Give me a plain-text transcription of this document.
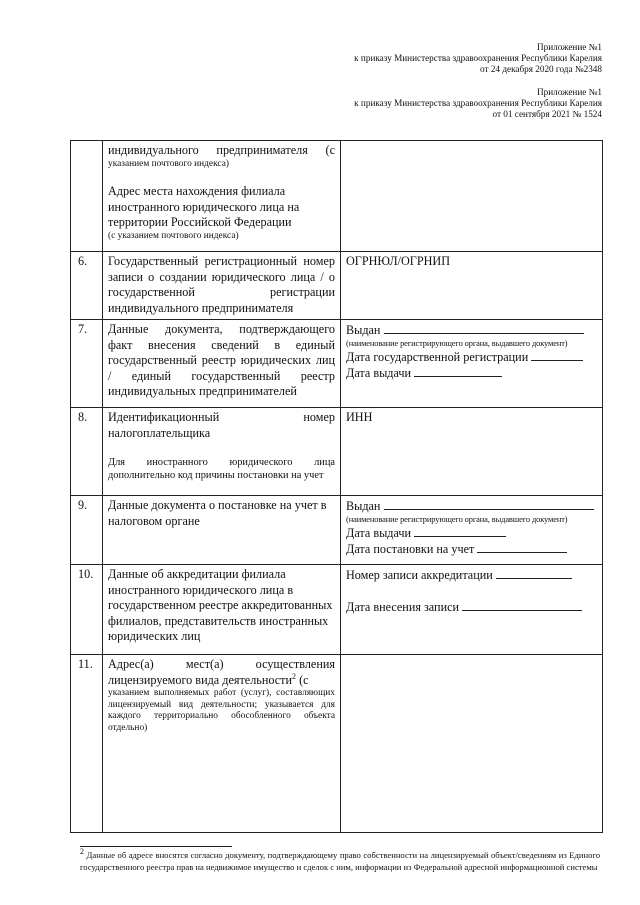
Приложение №1
к приказу Министерства здравоохранения Республики Карелия
от 24 декабря 2020 года №2348
Приложение №1
к приказу Министерства здравоохранения Республики Карелия
от 01 сентября 2021 № 1524

	индивидуального предпринимателя (с
указанием почтового индекса)
Адрес места нахождения филиала иностранного юридического лица на территории Российской Федерации
(с указанием почтового индекса)	

6.	Государственный регистрационный номер записи о создании юридического лица / о государственной регистрации индивидуального предпринимателя	ОГРНЮЛ/ОГРНИП
7.	Данные документа, подтверждающего факт внесения сведений в единый государственный реестр юридических лиц / единый государственный реестр индивидуальных предпринимателей	Выдан
(наименование регистрирующего органа, выдавшего документ)
Дата государственной регистрации
Дата выдачи

8.	Идентификационный номер налогоплательщика
Для иностранного юридического лица дополнительно код причины постановки на учет	ИНН
9.	Данные документа о постановке на учет в налоговом органе	Выдан
(наименование регистрирующего органа, выдавшего документ)
Дата выдачи
Дата постановки на учет

10.	Данные об аккредитации филиала иностранного юридического лица в государственном реестре аккредитованных филиалов, представительств иностранных юридических лиц	Номер записи аккредитации
Дата внесения записи

11.	Адрес(а) мест(а) осуществления лицензируемого вида деятельности$^2$ (с
указанием выполняемых работ (услуг), составляющих лицензируемый вид деятельности; указывается для каждого территориально обособленного объекта отдельно)	

$^2$ Данные об адресе вносятся согласно документу, подтверждающему право собственности на лицензируемый объект/сведениям из Единого государственного реестра прав на недвижимое имущество и сделок с ним, информации из Федеральной адресной информационной системы
